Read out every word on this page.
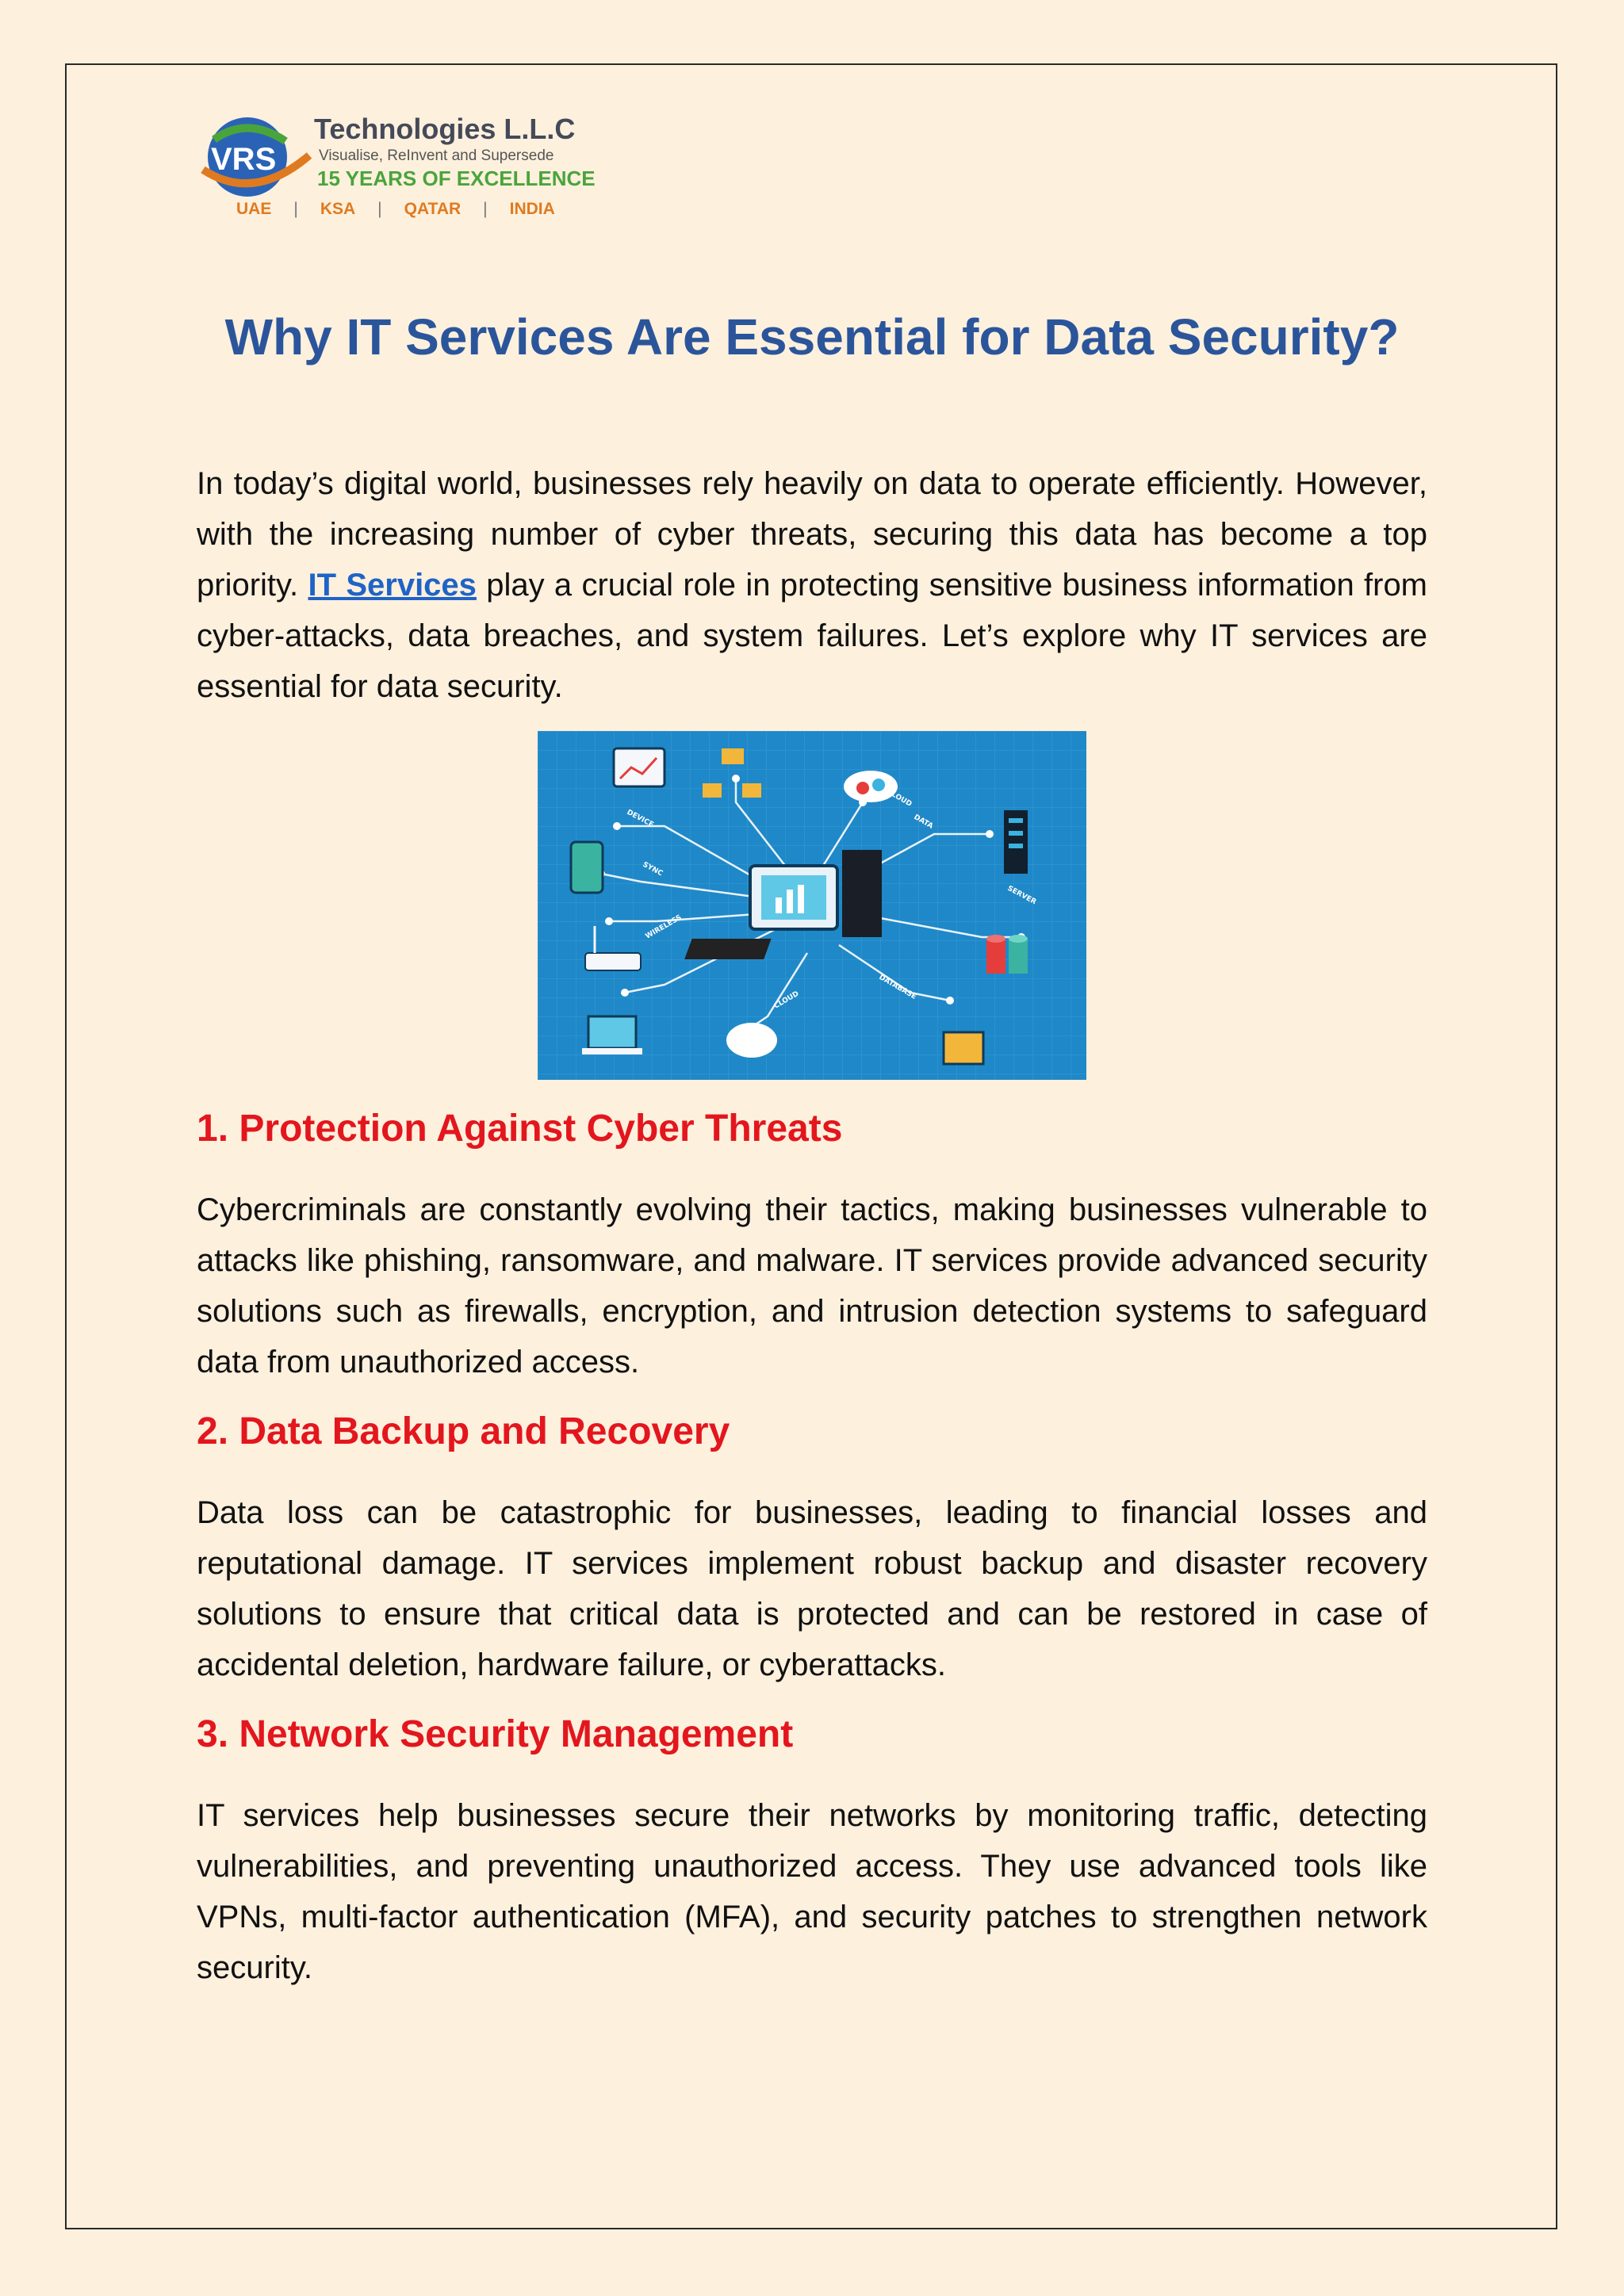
VRS
Technologies L.L.C
Visualise, ReInvent and Supersede
15 YEARS OF EXCELLENCE
UAE | KSA | QATAR | INDIA
Why IT Services Are Essential for Data Security?

In today’s digital world, businesses rely heavily on data to operate efficiently. However, with the increasing number of cyber threats, securing this data has become a top priority. IT Services play a crucial role in protecting sensitive business information from cyber-attacks, data breaches, and system failures. Let’s explore why IT services are essential for data security.

DEVICE
CLOUD
DATA
SYNC
SERVER
WIRELESS
CLOUD	DATABASE
1. Protection Against Cyber Threats

Cybercriminals are constantly evolving their tactics, making businesses vulnerable to attacks like phishing, ransomware, and malware. IT services provide advanced security solutions such as firewalls, encryption, and intrusion detection systems to safeguard data from unauthorized access.

2. Data Backup and Recovery

Data loss can be catastrophic for businesses, leading to financial losses and reputational damage. IT services implement robust backup and disaster recovery solutions to ensure that critical data is protected and can be restored in case of accidental deletion, hardware failure, or cyberattacks.

3. Network Security Management

IT services help businesses secure their networks by monitoring traffic, detecting vulnerabilities, and preventing unauthorized access. They use advanced tools like VPNs, multi-factor authentication (MFA), and security patches to strengthen network security.
